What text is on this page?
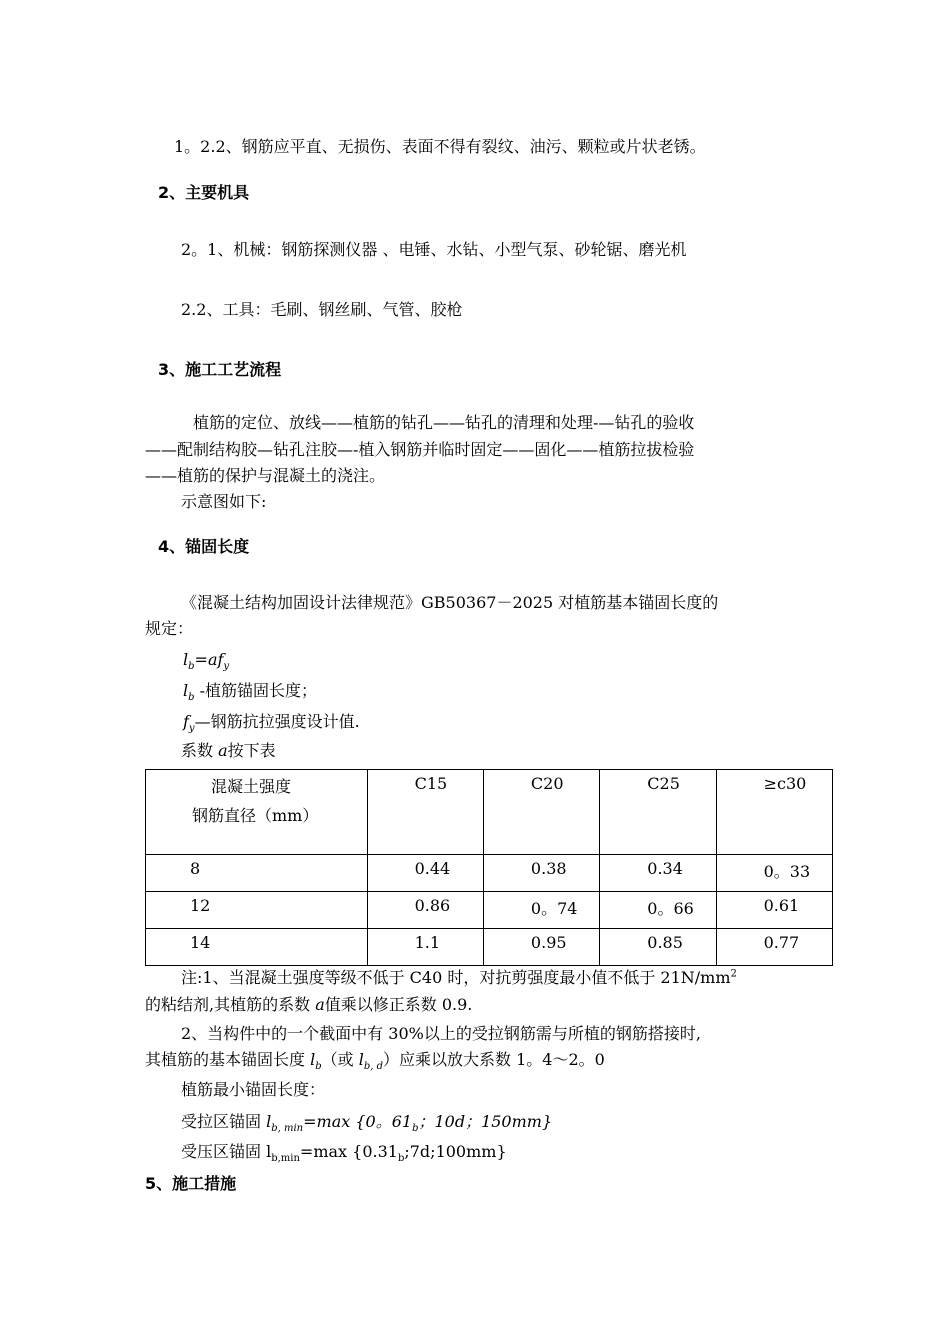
1。2.2、钢筋应平直、无损伤、表面不得有裂纹、油污、颗粒或片状老锈。
2、主要机具
2。1、机械：钢筋探测仪器 、电锤、水钻、小型气泵、砂轮锯、磨光机
2.2、工具：毛刷、钢丝刷、气管、胶枪
3、施工工艺流程
植筋的定位、放线——植筋的钻孔——钻孔的清理和处理-—钻孔的验收
——配制结构胶—钻孔注胶—-植入钢筋并临时固定——固化——植筋拉拔检验
——植筋的保护与混凝土的浇注。
示意图如下:
4、锚固长度
《混凝土结构加固设计法律规范》GB50367－2025 对植筋基本锚固长度的
规定：
$l_b=af_y$
$l_b$ -植筋锚固长度；
$f_y—$钢筋抗拉强度设计值.
系数 a按下表
混凝土强度
钢筋直径（mm）	C15	C20	C25	≥c30

8	0.44	0.38	0.34	0。33

12	0.86	0。74	0。66	0.61

14	1.1	0.95	0.85	0.77
注:1、当混凝土强度等级不低于 C40 时，对抗剪强度最小值不低于 $21N/mm^2$
的粘结剂,其植筋的系数 a值乘以修正系数 0.9.
2、当构件中的一个截面中有 30%以上的受拉钢筋需与所植的钢筋搭接时,
其植筋的基本锚固长度 $l_b$（或 $l_{b, d}$）应乘以放大系数 1。4～2。0
植筋最小锚固长度：
受拉区锚固 $l_{b, min}=\max$ {0。$61_b$；10d；150mm}
受压区锚固 $l_{b,min}=\max$ $\{0.31_b;7d;100mm\}$
5、施工措施
